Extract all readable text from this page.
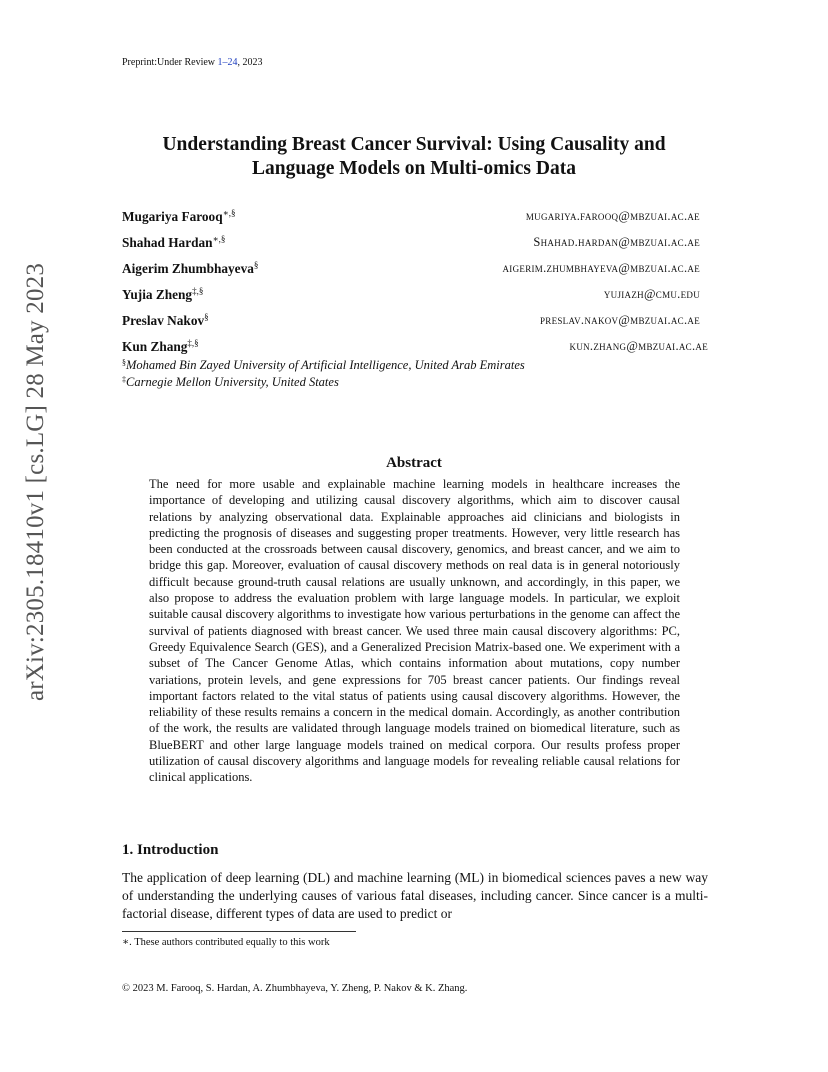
Preprint:Under Review 1–24, 2023
arXiv:2305.18410v1 [cs.LG] 28 May 2023
Understanding Breast Cancer Survival: Using Causality and
Language Models on Multi-omics Data
Mugariya Farooq∗,§	mugariya.farooq@mbzuai.ac.ae
Shahad Hardan∗,§	Shahad.hardan@mbzuai.ac.ae
Aigerim Zhumbhayeva§	aigerim.zhumbhayeva@mbzuai.ac.ae
Yujia Zheng‡,§	yujiazh@cmu.edu
Preslav Nakov§	preslav.nakov@mbzuai.ac.ae
Kun Zhang‡,§	kun.zhang@mbzuai.ac.ae
§Mohamed Bin Zayed University of Artificial Intelligence, United Arab Emirates
‡Carnegie Mellon University, United States
Abstract
The need for more usable and explainable machine learning models in healthcare increases the importance of developing and utilizing causal discovery algorithms, which aim to discover causal relations by analyzing observational data. Explainable approaches aid clinicians and biologists in predicting the prognosis of diseases and suggesting proper treatments. However, very little research has been conducted at the crossroads between causal discovery, genomics, and breast cancer, and we aim to bridge this gap. Moreover, evaluation of causal discovery methods on real data is in general notoriously difficult because ground-truth causal relations are usually unknown, and accordingly, in this paper, we also propose to address the evaluation problem with large language models. In particular, we exploit suitable causal discovery algorithms to investigate how various perturbations in the genome can affect the survival of patients diagnosed with breast cancer. We used three main causal discovery algorithms: PC, Greedy Equivalence Search (GES), and a Generalized Precision Matrix-based one. We experiment with a subset of The Cancer Genome Atlas, which contains information about mutations, copy number variations, protein levels, and gene expressions for 705 breast cancer patients. Our findings reveal important factors related to the vital status of patients using causal discovery algorithms. However, the reliability of these results remains a concern in the medical domain. Accordingly, as another contribution of the work, the results are validated through language models trained on biomedical literature, such as BlueBERT and other large language models trained on medical corpora. Our results profess proper utilization of causal discovery algorithms and language models for revealing reliable causal relations for clinical applications.
1. Introduction
The application of deep learning (DL) and machine learning (ML) in biomedical sciences paves a new way of understanding the underlying causes of various fatal diseases, including cancer. Since cancer is a multi-factorial disease, different types of data are used to predict or
∗. These authors contributed equally to this work
© 2023 M. Farooq, S. Hardan, A. Zhumbhayeva, Y. Zheng, P. Nakov & K. Zhang.
